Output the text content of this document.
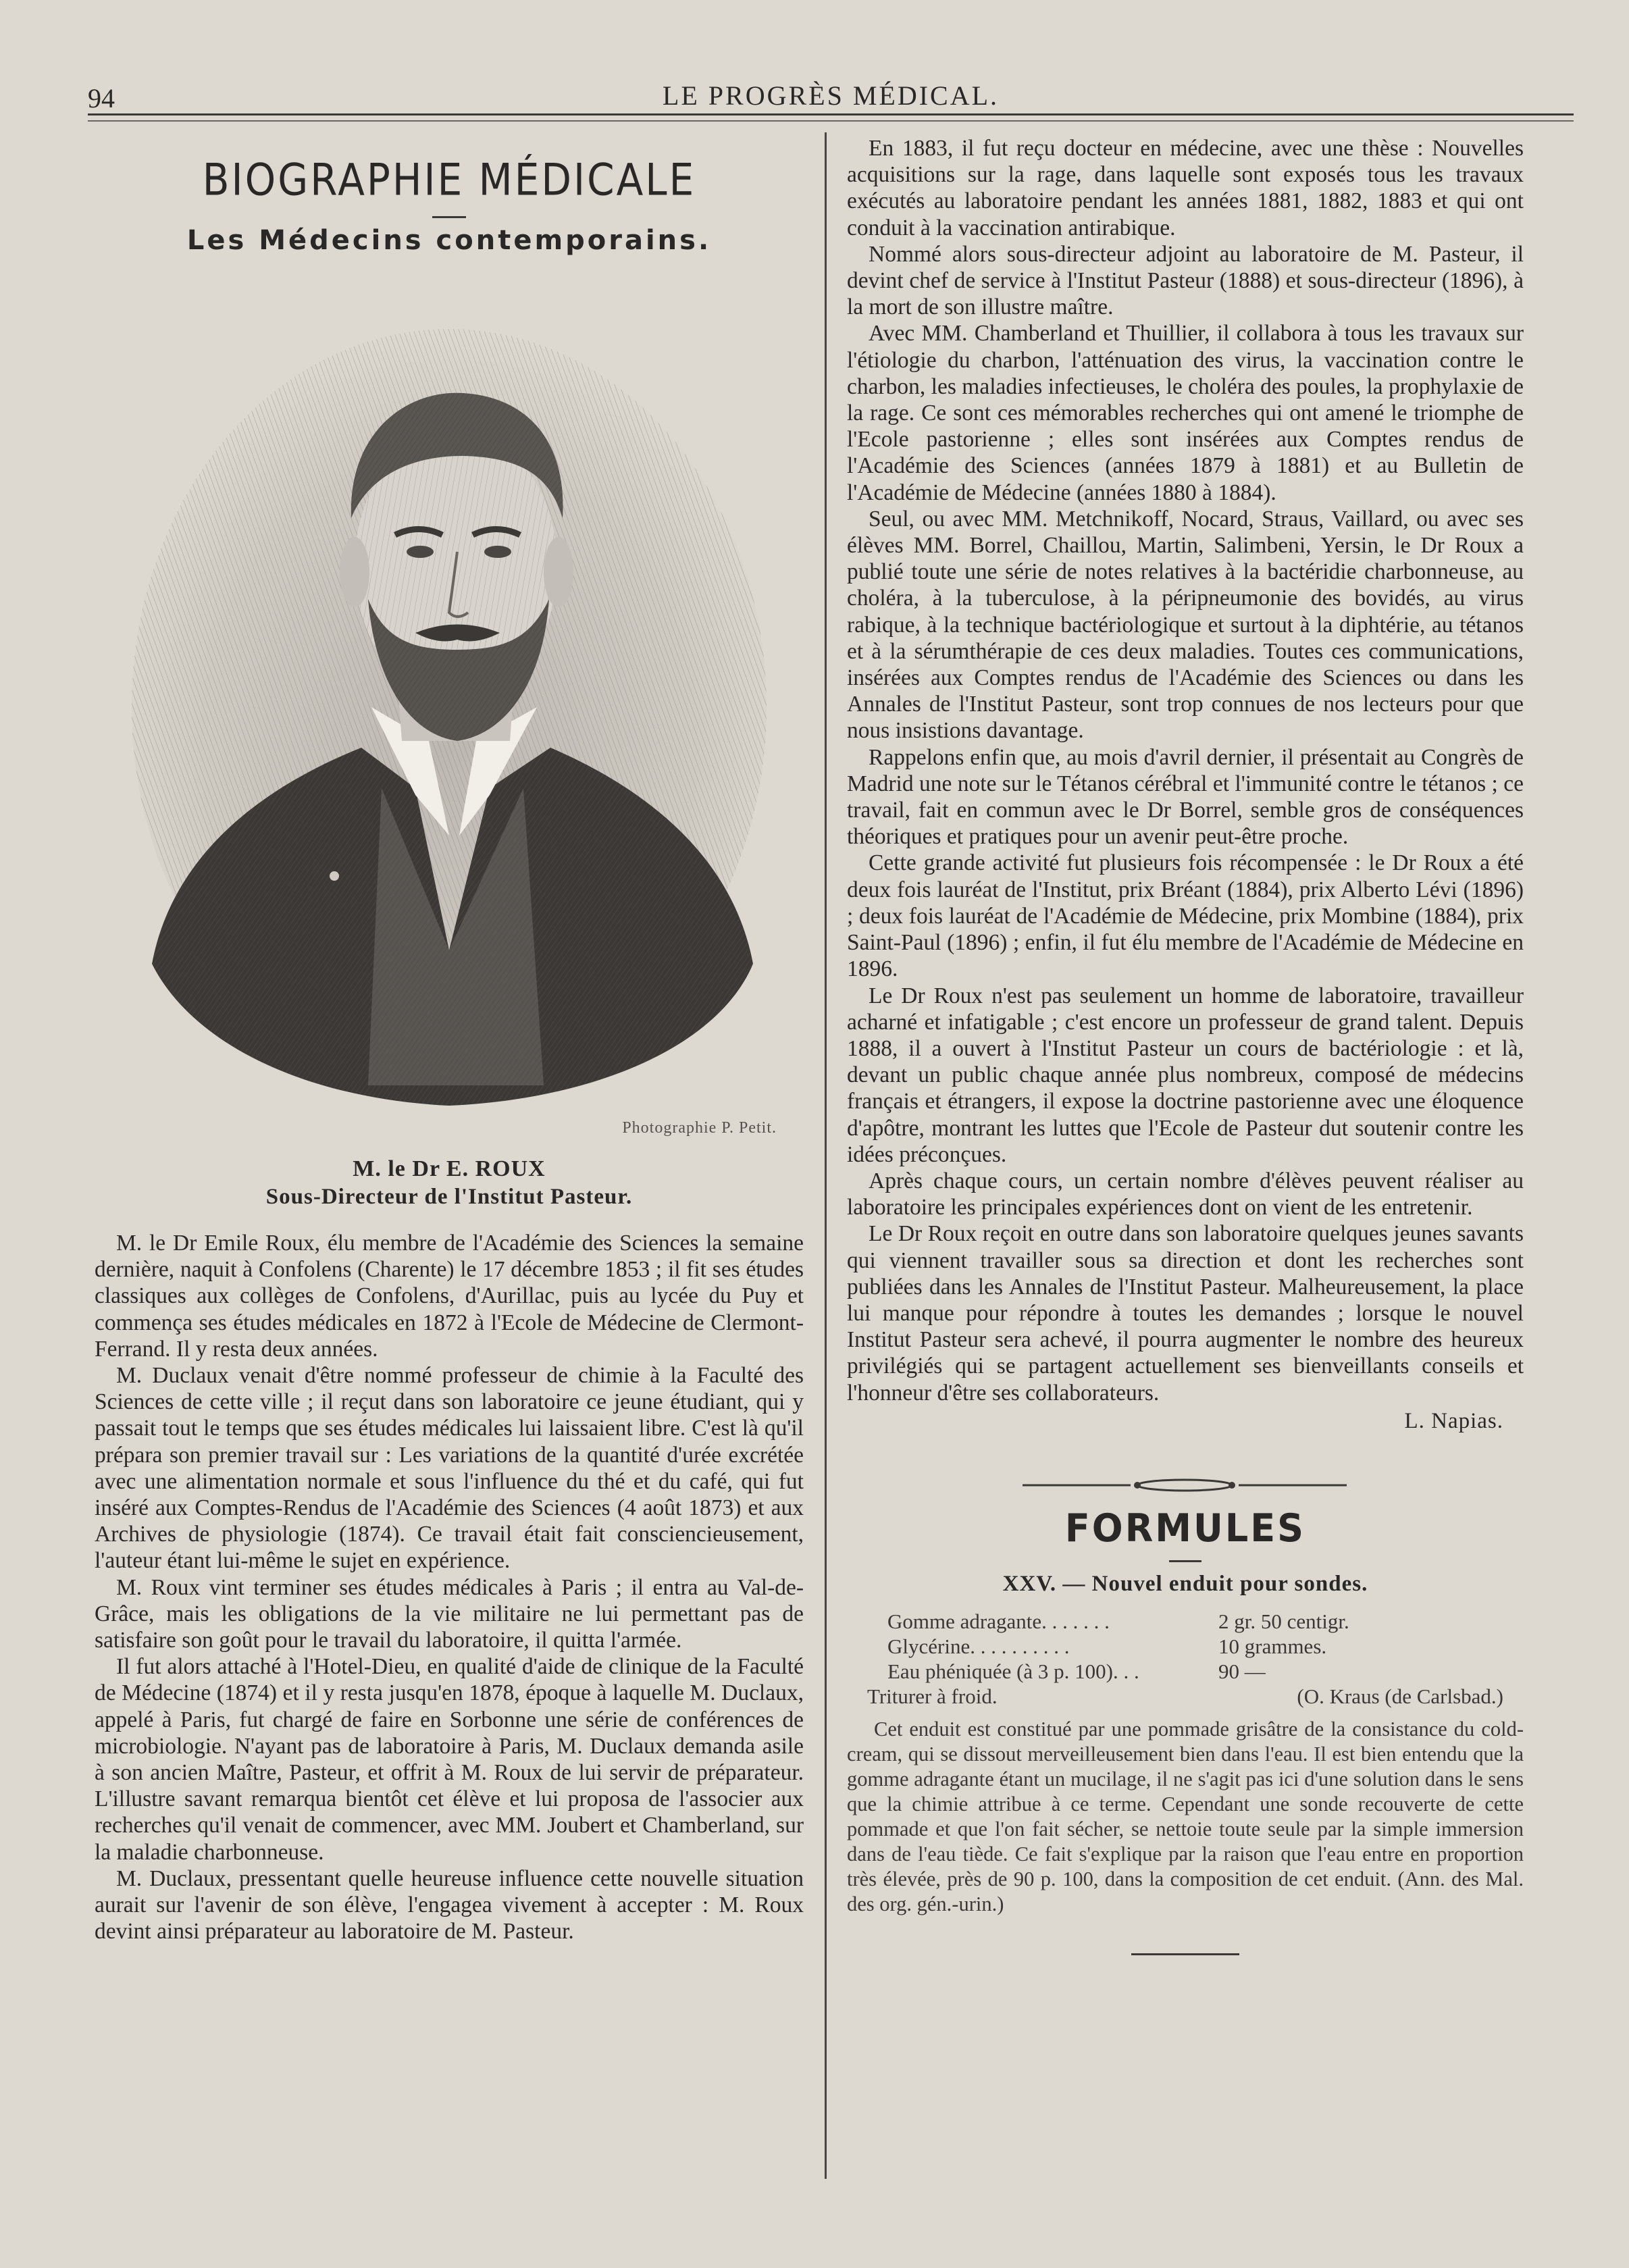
94	LE PROGRÈS MÉDICAL.
BIOGRAPHIE MÉDICALE
Les Médecins contemporains.
Photographie P. Petit.
M. le Dr E. ROUX
Sous-Directeur de l'Institut Pasteur.

M. le Dr Emile Roux, élu membre de l'Académie des Sciences la semaine dernière, naquit à Confolens (Charente) le 17 décembre 1853 ; il fit ses études classiques aux collèges de Confolens, d'Aurillac, puis au lycée du Puy et commença ses études médicales en 1872 à l'Ecole de Médecine de Clermont-Ferrand. Il y resta deux années.

M. Duclaux venait d'être nommé professeur de chimie à la Faculté des Sciences de cette ville ; il reçut dans son laboratoire ce jeune étudiant, qui y passait tout le temps que ses études médicales lui laissaient libre. C'est là qu'il prépara son premier travail sur : Les variations de la quantité d'urée excrétée avec une alimentation normale et sous l'influence du thé et du café, qui fut inséré aux Comptes-Rendus de l'Académie des Sciences (4 août 1873) et aux Archives de physiologie (1874). Ce travail était fait consciencieusement, l'auteur étant lui-même le sujet en expérience.

M. Roux vint terminer ses études médicales à Paris ; il entra au Val-de-Grâce, mais les obligations de la vie militaire ne lui permettant pas de satisfaire son goût pour le travail du laboratoire, il quitta l'armée.

Il fut alors attaché à l'Hotel-Dieu, en qualité d'aide de clinique de la Faculté de Médecine (1874) et il y resta jusqu'en 1878, époque à laquelle M. Duclaux, appelé à Paris, fut chargé de faire en Sorbonne une série de conférences de microbiologie. N'ayant pas de laboratoire à Paris, M. Duclaux demanda asile à son ancien Maître, Pasteur, et offrit à M. Roux de lui servir de préparateur. L'illustre savant remarqua bientôt cet élève et lui proposa de l'associer aux recherches qu'il venait de commencer, avec MM. Joubert et Chamberland, sur la maladie charbonneuse.

M. Duclaux, pressentant quelle heureuse influence cette nouvelle situation aurait sur l'avenir de son élève, l'engagea vivement à accepter : M. Roux devint ainsi préparateur au laboratoire de M. Pasteur.

En 1883, il fut reçu docteur en médecine, avec une thèse : Nouvelles acquisitions sur la rage, dans laquelle sont exposés tous les travaux exécutés au laboratoire pendant les années 1881, 1882, 1883 et qui ont conduit à la vaccination antirabique.

Nommé alors sous-directeur adjoint au laboratoire de M. Pasteur, il devint chef de service à l'Institut Pasteur (1888) et sous-directeur (1896), à la mort de son illustre maître.

Avec MM. Chamberland et Thuillier, il collabora à tous les travaux sur l'étiologie du charbon, l'atténuation des virus, la vaccination contre le charbon, les maladies infectieuses, le choléra des poules, la prophylaxie de la rage. Ce sont ces mémorables recherches qui ont amené le triomphe de l'Ecole pastorienne ; elles sont insérées aux Comptes rendus de l'Académie des Sciences (années 1879 à 1881) et au Bulletin de l'Académie de Médecine (années 1880 à 1884).

Seul, ou avec MM. Metchnikoff, Nocard, Straus, Vaillard, ou avec ses élèves MM. Borrel, Chaillou, Martin, Salimbeni, Yersin, le Dr Roux a publié toute une série de notes relatives à la bactéridie charbonneuse, au choléra, à la tuberculose, à la péripneumonie des bovidés, au virus rabique, à la technique bactériologique et surtout à la diphtérie, au tétanos et à la sérumthérapie de ces deux maladies. Toutes ces communications, insérées aux Comptes rendus de l'Académie des Sciences ou dans les Annales de l'Institut Pasteur, sont trop connues de nos lecteurs pour que nous insistions davantage.

Rappelons enfin que, au mois d'avril dernier, il présentait au Congrès de Madrid une note sur le Tétanos cérébral et l'immunité contre le tétanos ; ce travail, fait en commun avec le Dr Borrel, semble gros de conséquences théoriques et pratiques pour un avenir peut-être proche.

Cette grande activité fut plusieurs fois récompensée : le Dr Roux a été deux fois lauréat de l'Institut, prix Bréant (1884), prix Alberto Lévi (1896) ; deux fois lauréat de l'Académie de Médecine, prix Mombine (1884), prix Saint-Paul (1896) ; enfin, il fut élu membre de l'Académie de Médecine en 1896.

Le Dr Roux n'est pas seulement un homme de laboratoire, travailleur acharné et infatigable ; c'est encore un professeur de grand talent. Depuis 1888, il a ouvert à l'Institut Pasteur un cours de bactériologie : et là, devant un public chaque année plus nombreux, composé de médecins français et étrangers, il expose la doctrine pastorienne avec une éloquence d'apôtre, montrant les luttes que l'Ecole de Pasteur dut soutenir contre les idées préconçues.

Après chaque cours, un certain nombre d'élèves peuvent réaliser au laboratoire les principales expériences dont on vient de les entretenir.

Le Dr Roux reçoit en outre dans son laboratoire quelques jeunes savants qui viennent travailler sous sa direction et dont les recherches sont publiées dans les Annales de l'Institut Pasteur. Malheureusement, la place lui manque pour répondre à toutes les demandes ; lorsque le nouvel Institut Pasteur sera achevé, il pourra augmenter le nombre des heureux privilégiés qui se partagent actuellement ses bienveillants conseils et l'honneur d'être ses collaborateurs.

L. Napias.
FORMULES
XXV. — Nouvel enduit pour sondes.
Gomme adragante. . . . . . .	2 gr. 50 centigr.
Glycérine. . . . . . . . . .	10 grammes.
Eau phéniquée (à 3 p. 100). . .	90 —
Triturer à froid.	(O. Kraus (de Carlsbad.)

Cet enduit est constitué par une pommade grisâtre de la consistance du cold-cream, qui se dissout merveilleusement bien dans l'eau. Il est bien entendu que la gomme adragante étant un mucilage, il ne s'agit pas ici d'une solution dans le sens que la chimie attribue à ce terme. Cependant une sonde recouverte de cette pommade et que l'on fait sécher, se nettoie toute seule par la simple immersion dans de l'eau tiède. Ce fait s'explique par la raison que l'eau entre en proportion très élevée, près de 90 p. 100, dans la composition de cet enduit. (Ann. des Mal. des org. gén.-urin.)
